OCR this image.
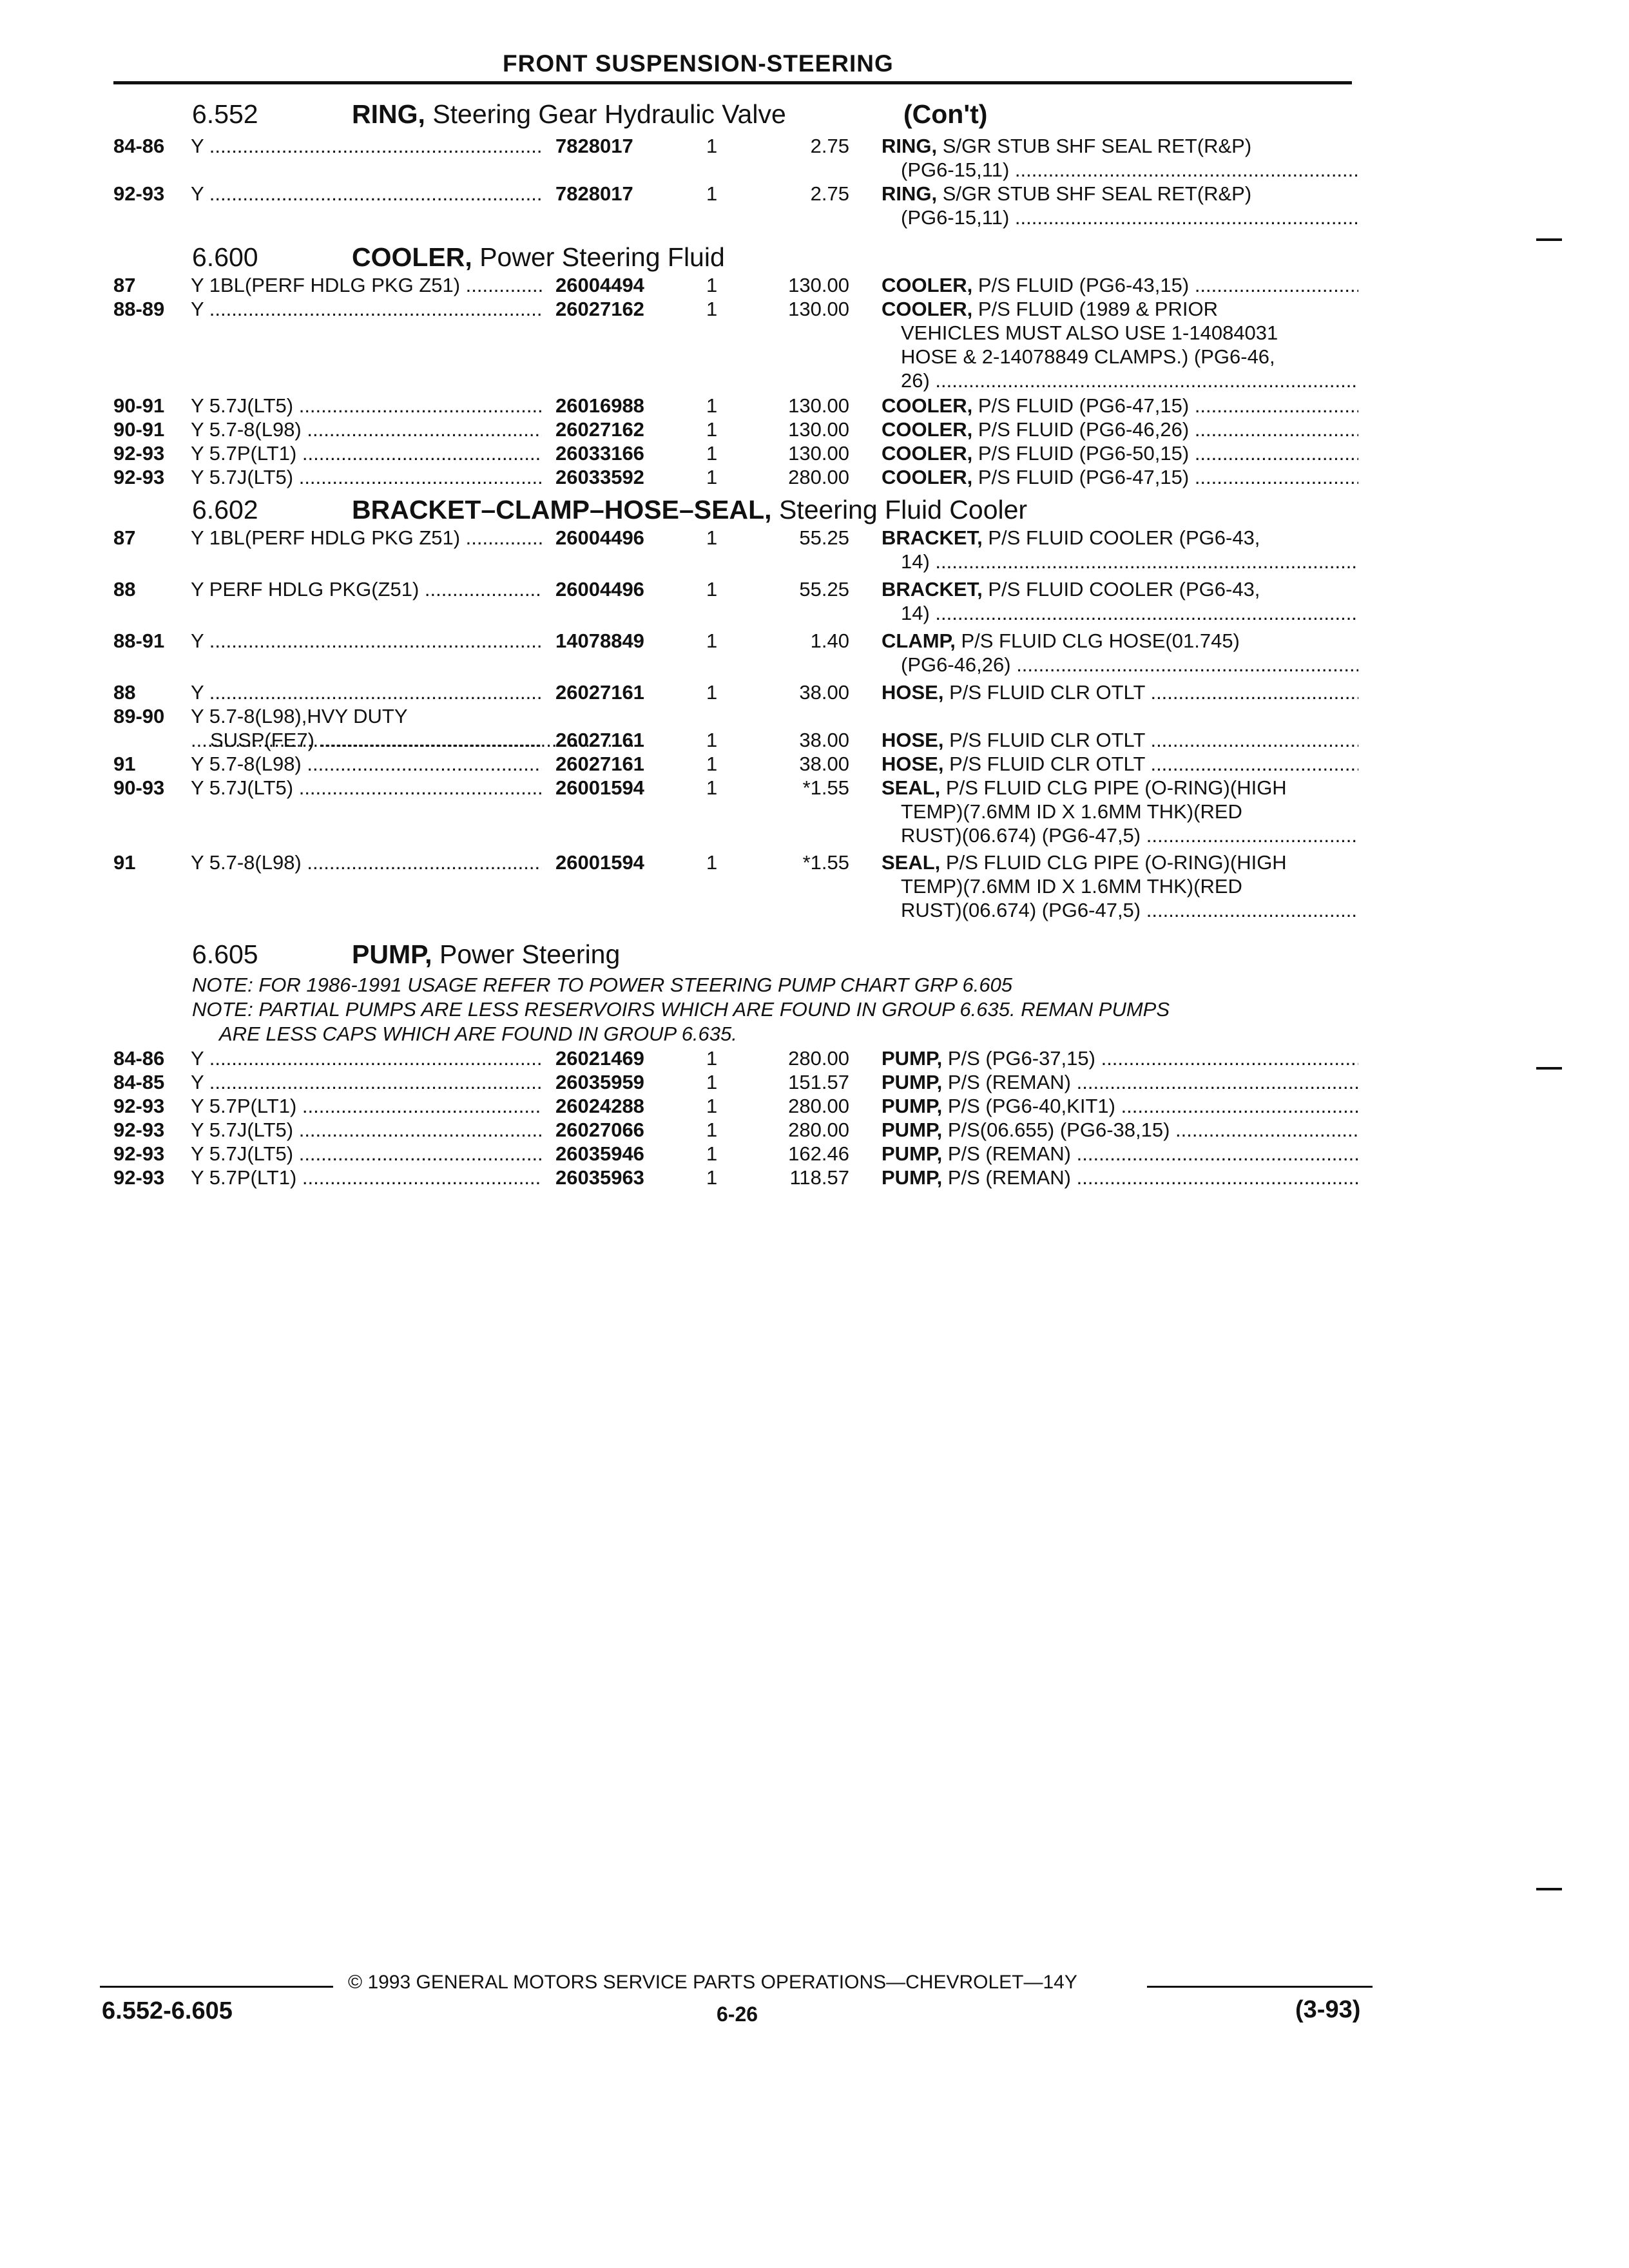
FRONT SUSPENSION-STEERING
6.552	RING, Steering Gear Hydraulic Valve	(Con't)
84-86 Y .....	7828017	1	2.75 RING, S/GR STUB SHF SEAL RET(R&P)
(PG6-15,11) .....
92-93 Y .....	7828017	1	2.75 RING, S/GR STUB SHF SEAL RET(R&P)
(PG6-15,11) .....
6.600	COOLER, Power Steering Fluid
87	Y 1BL(PERF HDLG PKG Z51) .....	26004494	1	130.00 COOLER, P/S FLUID (PG6-43,15) .....
88-89 Y .....	26027162	1	130.00 COOLER, P/S FLUID (1989 & PRIOR
VEHICLES MUST ALSO USE 1-14084031
HOSE & 2-14078849 CLAMPS.) (PG6-46,
26) .....
90-91 Y 5.7J(LT5) .....	26016988	1	130.00 COOLER, P/S FLUID (PG6-47,15) .....
90-91 Y 5.7-8(L98) .....	26027162	1	130.00 COOLER, P/S FLUID (PG6-46,26) .....
92-93 Y 5.7P(LT1) .....	26033166	1	130.00 COOLER, P/S FLUID (PG6-50,15) .....
92-93 Y 5.7J(LT5) .....	26033592	1	280.00 COOLER, P/S FLUID (PG6-47,15) .....
6.602	BRACKET–CLAMP–HOSE–SEAL, Steering Fluid Cooler
87	Y 1BL(PERF HDLG PKG Z51) .....	26004496	1	55.25 BRACKET, P/S FLUID COOLER (PG6-43,
14) .....
88	Y PERF HDLG PKG(Z51) .....	26004496	1	55.25 BRACKET, P/S FLUID COOLER (PG6-43,
14) .....
88-91 Y .....	14078849	1	1.40 CLAMP, P/S FLUID CLG HOSE(01.745)
(PG6-46,26) .....
88	Y .....	26027161	1	38.00 HOSE, P/S FLUID CLR OTLT .....
89-90 Y 5.7-8(L98),HVY DUTY
.....
SUSP(FE7) .....	26027161	1	38.00 HOSE, P/S FLUID CLR OTLT .....
91	Y 5.7-8(L98) .....	26027161	1	38.00 HOSE, P/S FLUID CLR OTLT .....
90-93 Y 5.7J(LT5) .....	26001594	1	*1.55 SEAL, P/S FLUID CLG PIPE (O-RING)(HIGH
TEMP)(7.6MM ID X 1.6MM THK)(RED
RUST)(06.674) (PG6-47,5) .....
91	Y 5.7-8(L98) .....	26001594	1	*1.55 SEAL, P/S FLUID CLG PIPE (O-RING)(HIGH
TEMP)(7.6MM ID X 1.6MM THK)(RED
RUST)(06.674) (PG6-47,5) .....
6.605	PUMP, Power Steering
NOTE: FOR 1986-1991 USAGE REFER TO POWER STEERING PUMP CHART GRP 6.605
NOTE: PARTIAL PUMPS ARE LESS RESERVOIRS WHICH ARE FOUND IN GROUP 6.635. REMAN PUMPS
ARE LESS CAPS WHICH ARE FOUND IN GROUP 6.635.
84-86 Y .....	26021469	1	280.00 PUMP, P/S (PG6-37,15) .....
84-85 Y .....	26035959	1	151.57 PUMP, P/S (REMAN) .....
92-93 Y 5.7P(LT1) .....	26024288	1	280.00 PUMP, P/S (PG6-40,KIT1) .....
92-93 Y 5.7J(LT5) .....	26027066	1	280.00 PUMP, P/S(06.655) (PG6-38,15) .....
92-93 Y 5.7J(LT5) .....	26035946	1	162.46 PUMP, P/S (REMAN) .....
92-93 Y 5.7P(LT1) .....	26035963	1	118.57 PUMP, P/S (REMAN) .....
© 1993 GENERAL MOTORS SERVICE PARTS OPERATIONS—CHEVROLET—14Y
6.552-6.605	6-26	(3-93)
